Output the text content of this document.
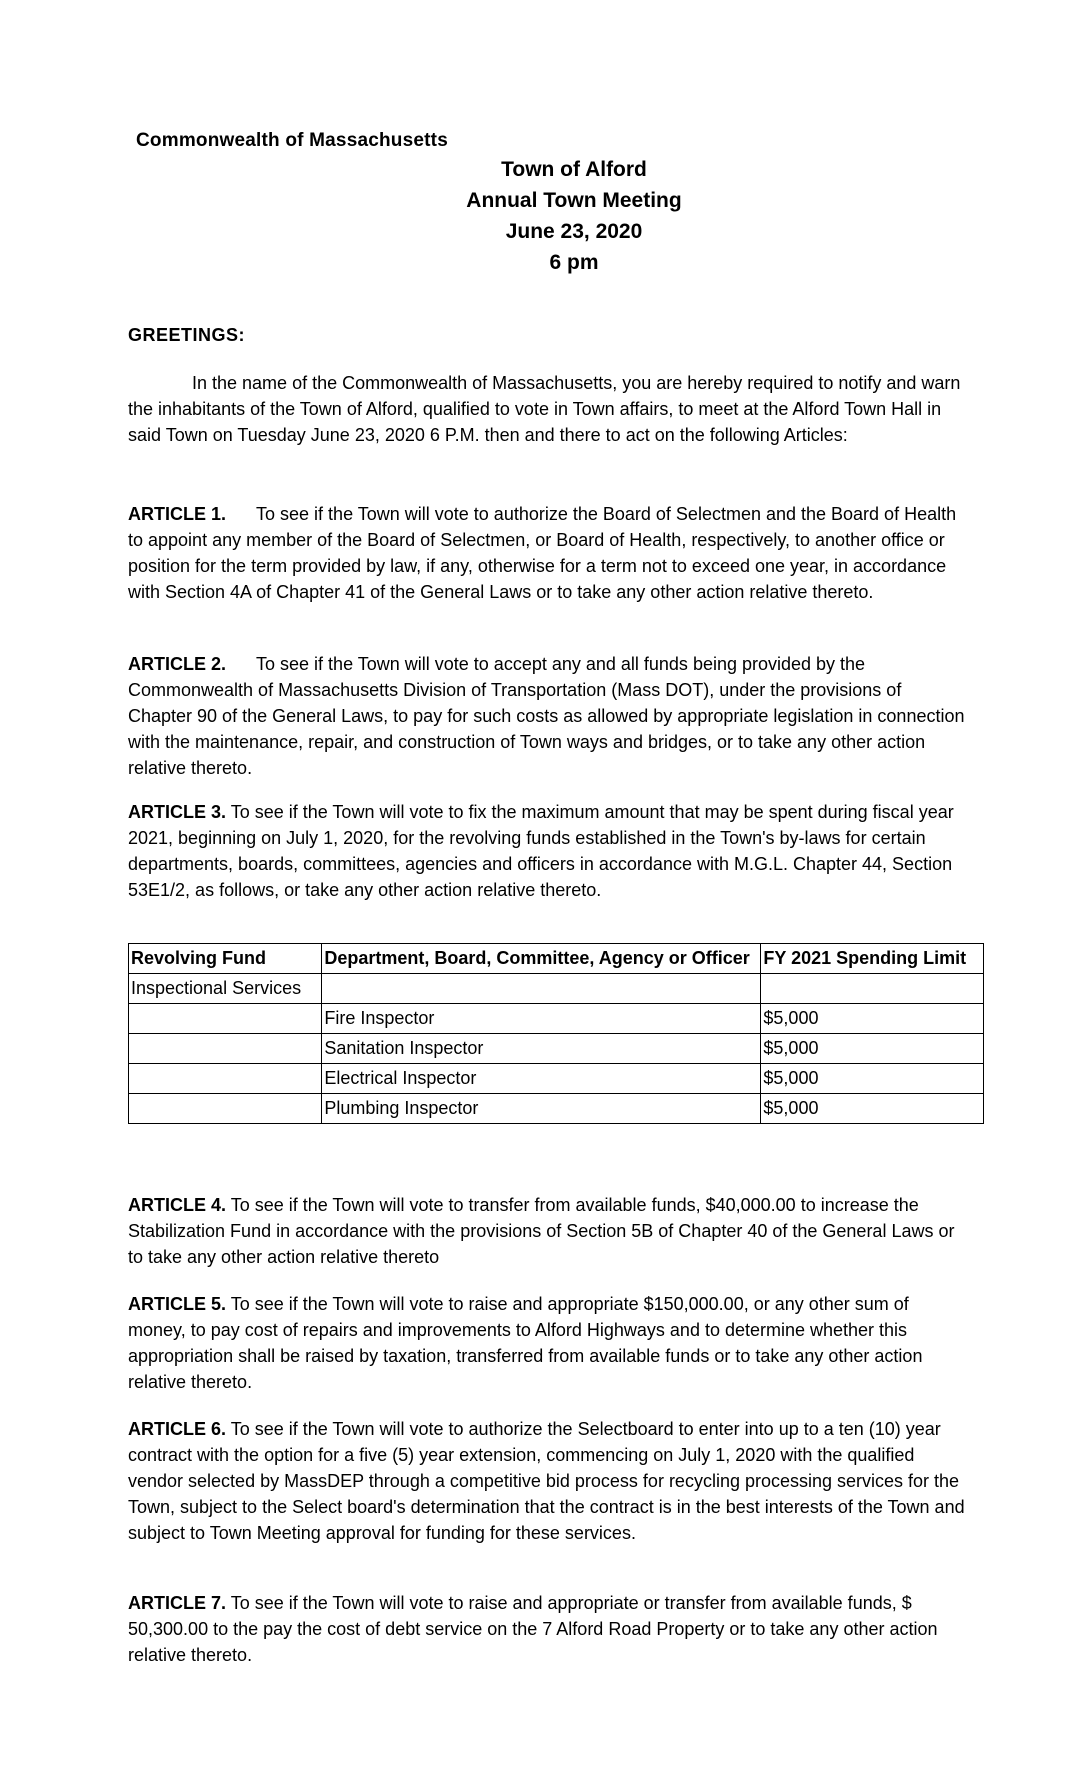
Commonwealth of Massachusetts
Town of Alford
Annual Town Meeting
June 23, 2020
6 pm
GREETINGS:

In the name of the Commonwealth of Massachusetts, you are hereby required to notify and warn the inhabitants of the Town of Alford, qualified to vote in Town affairs, to meet at the Alford Town Hall in said Town on Tuesday June 23, 2020 6 P.M. then and there to act on the following Articles:

ARTICLE 1. To see if the Town will vote to authorize the Board of Selectmen and the Board of Health to appoint any member of the Board of Selectmen, or Board of Health, respectively, to another office or position for the term provided by law, if any, otherwise for a term not to exceed one year, in accordance with Section 4A of Chapter 41 of the General Laws or to take any other action relative thereto.

ARTICLE 2. To see if the Town will vote to accept any and all funds being provided by the Commonwealth of Massachusetts Division of Transportation (Mass DOT), under the provisions of Chapter 90 of the General Laws, to pay for such costs as allowed by appropriate legislation in connection with the maintenance, repair, and construction of Town ways and bridges, or to take any other action relative thereto.

ARTICLE 3. To see if the Town will vote to fix the maximum amount that may be spent during fiscal year 2021, beginning on July 1, 2020, for the revolving funds established in the Town's by-laws for certain departments, boards, committees, agencies and officers in accordance with M.G.L. Chapter 44, Section 53E1/2, as follows, or take any other action relative thereto.

Revolving Fund	Department, Board, Committee, Agency or Officer	FY 2021 Spending Limit
Inspectional Services		
	Fire Inspector	$5,000
	Sanitation Inspector	$5,000
	Electrical Inspector	$5,000
	Plumbing Inspector	$5,000

ARTICLE 4. To see if the Town will vote to transfer from available funds, $40,000.00 to increase the Stabilization Fund in accordance with the provisions of Section 5B of Chapter 40 of the General Laws or to take any other action relative thereto

ARTICLE 5. To see if the Town will vote to raise and appropriate $150,000.00, or any other sum of money, to pay cost of repairs and improvements to Alford Highways and to determine whether this appropriation shall be raised by taxation, transferred from available funds or to take any other action relative thereto.

ARTICLE 6. To see if the Town will vote to authorize the Selectboard to enter into up to a ten (10) year contract with the option for a five (5) year extension, commencing on July 1, 2020 with the qualified vendor selected by MassDEP through a competitive bid process for recycling processing services for the Town, subject to the Select board's determination that the contract is in the best interests of the Town and subject to Town Meeting approval for funding for these services.

ARTICLE 7. To see if the Town will vote to raise and appropriate or transfer from available funds, $ 50,300.00 to the pay the cost of debt service on the 7 Alford Road Property or to take any other action relative thereto.
